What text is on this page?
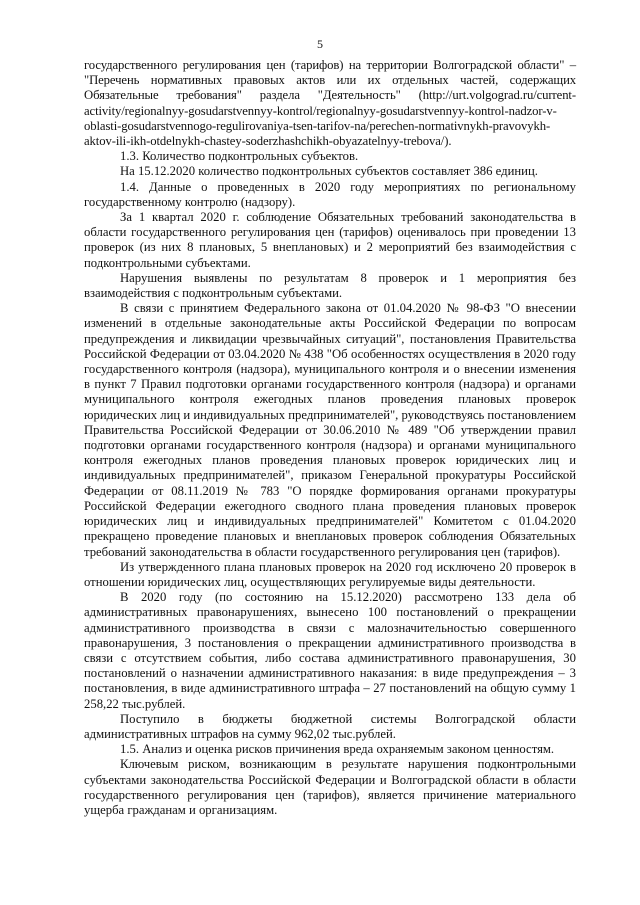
5

государственного регулирования цен (тарифов) на территории Волгоградской области" – "Перечень нормативных правовых актов или их отдельных частей, содержащих Обязательные требования" раздела "Деятельность" (http://urt.volgograd.ru/current-activity/regionalnyy-gosudarstvennyy-kontrol/regionalnyy-gosudarstvennyy-kontrol-nadzor-v-oblasti-gosudarstvennogo-regulirovaniya-tsen-tarifov-na/perechen-normativnykh-pravovykh-aktov-ili-ikh-otdelnykh-chastey-soderzhashchikh-obyazatelnyy-trebova/).

1.3. Количество подконтрольных субъектов.

На 15.12.2020 количество подконтрольных субъектов составляет 386 единиц.

1.4. Данные о проведенных в 2020 году мероприятиях по региональному государственному контролю (надзору).

За 1 квартал 2020 г. соблюдение Обязательных требований законодательства в области государственного регулирования цен (тарифов) оценивалось при проведении 13 проверок (из них 8 плановых, 5 внеплановых) и 2 мероприятий без взаимодействия с подконтрольными субъектами.

Нарушения выявлены по результатам 8 проверок и 1 мероприятия без взаимодействия с подконтрольным субъектами.

В связи с принятием Федерального закона от 01.04.2020 № 98-ФЗ "О внесении изменений в отдельные законодательные акты Российской Федерации по вопросам предупреждения и ликвидации чрезвычайных ситуаций", постановления Правительства Российской Федерации от 03.04.2020 № 438 "Об особенностях осуществления в 2020 году государственного контроля (надзора), муниципального контроля и о внесении изменения в пункт 7 Правил подготовки органами государственного контроля (надзора) и органами муниципального контроля ежегодных планов проведения плановых проверок юридических лиц и индивидуальных предпринимателей", руководствуясь постановлением Правительства Российской Федерации от 30.06.2010 № 489 "Об утверждении правил подготовки органами государственного контроля (надзора) и органами муниципального контроля ежегодных планов проведения плановых проверок юридических лиц и индивидуальных предпринимателей", приказом Генеральной прокуратуры Российской Федерации от 08.11.2019 № 783 "О порядке формирования органами прокуратуры Российской Федерации ежегодного сводного плана проведения плановых проверок юридических лиц и индивидуальных предпринимателей" Комитетом с 01.04.2020 прекращено проведение плановых и внеплановых проверок соблюдения Обязательных требований законодательства в области государственного регулирования цен (тарифов).

Из утвержденного плана плановых проверок на 2020 год исключено 20 проверок в отношении юридических лиц, осуществляющих регулируемые виды деятельности.

В 2020 году (по состоянию на 15.12.2020) рассмотрено 133 дела об административных правонарушениях, вынесено 100 постановлений о прекращении административного производства в связи с малозначительностью совершенного правонарушения, 3 постановления о прекращении административного производства в связи с отсутствием события, либо состава административного правонарушения, 30 постановлений о назначении административного наказания: в виде предупреждения – 3 постановления, в виде административного штрафа – 27 постановлений на общую сумму 1 258,22 тыс.рублей.

Поступило в бюджеты бюджетной системы Волгоградской области административных штрафов на сумму 962,02 тыс.рублей.

1.5. Анализ и оценка рисков причинения вреда охраняемым законом ценностям.

Ключевым риском, возникающим в результате нарушения подконтрольными субъектами законодательства Российской Федерации и Волгоградской области в области государственного регулирования цен (тарифов), является причинение материального ущерба гражданам и организациям.
